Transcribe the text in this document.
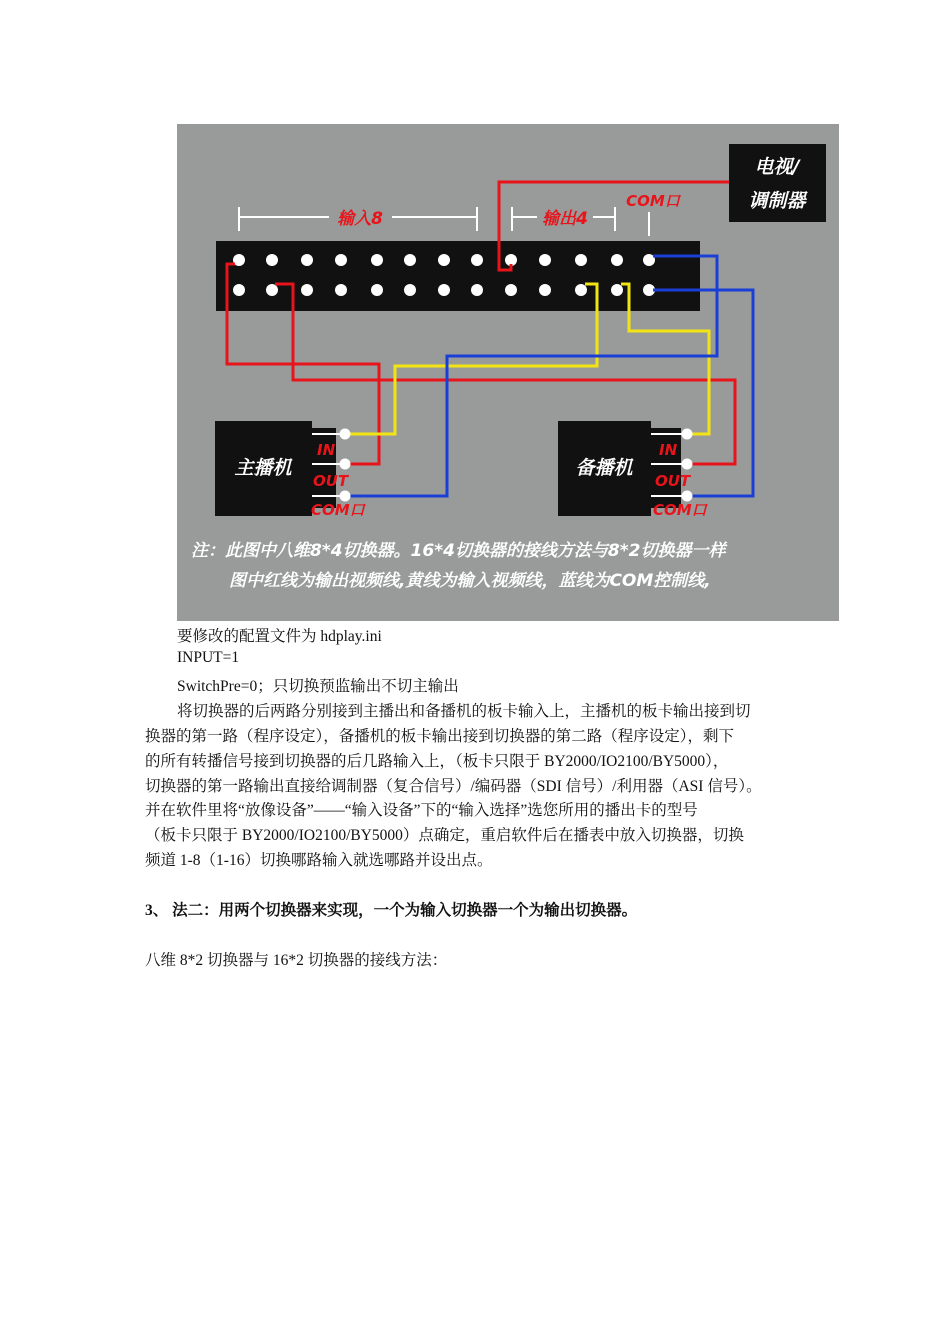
电视/
调制器
输入8	输出4
COM口
主播机
IN
OUT
COM口
备播机
IN
OUT
COM口
注：此图中八维8*4切换器。16*4切换器的接线方法与8*2切换器一样
图中红线为输出视频线,黄线为输入视频线，蓝线为COM控制线,
要修改的配置文件为 hdplay.ini
INPUT=1
SwitchPre=0；只切换预监输出不切主输出
将切换器的后两路分别接到主播出和备播机的板卡输入上，主播机的板卡输出接到切
换器的第一路（程序设定），备播机的板卡输出接到切换器的第二路（程序设定），剩下
的所有转播信号接到切换器的后几路输入上，（板卡只限于 BY2000/IO2100/BY5000），
切换器的第一路输出直接给调制器（复合信号）/编码器（SDI 信号）/利用器（ASI 信号）。
并在软件里将“放像设备”——“输入设备”下的“输入选择”选您所用的播出卡的型号
（板卡只限于 BY2000/IO2100/BY5000）点确定，重启软件后在播表中放入切换器，切换
频道 1-8（1-16）切换哪路输入就选哪路并设出点。
3、 法二：用两个切换器来实现，一个为输入切换器一个为输出切换器。
八维 8*2 切换器与 16*2 切换器的接线方法：
